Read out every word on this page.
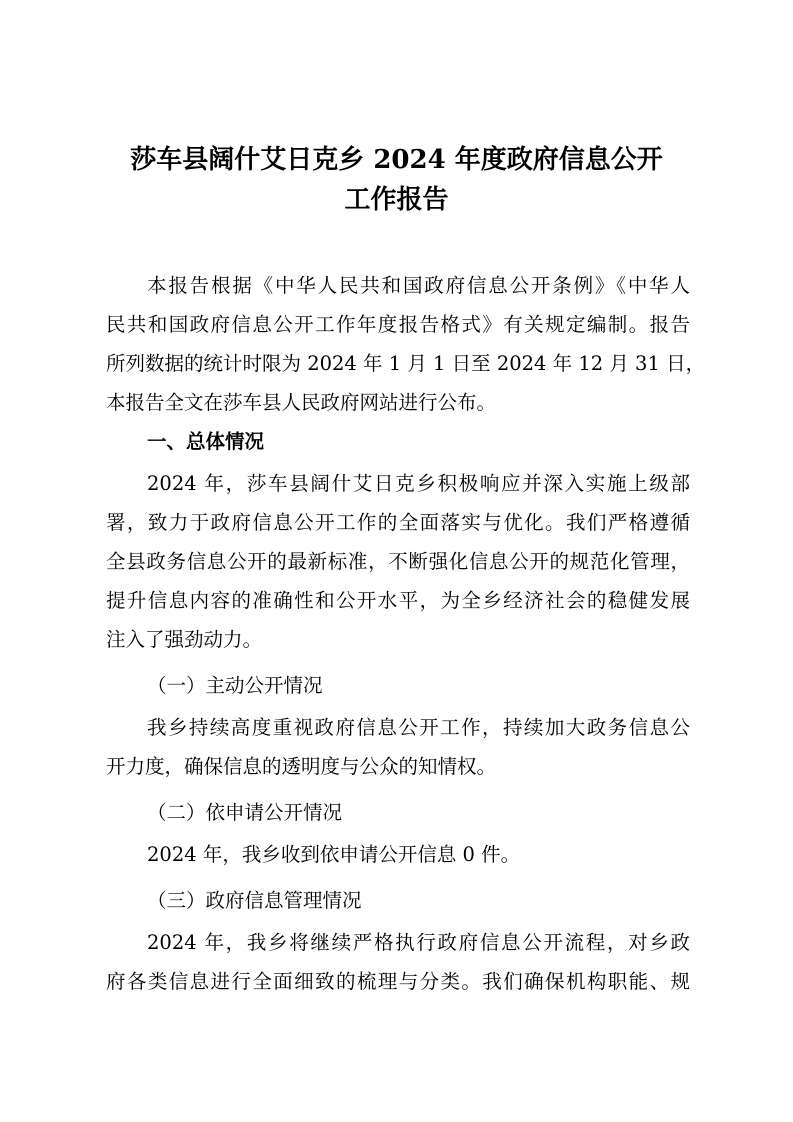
莎车县阔什艾日克乡 2024 年度政府信息公开
工作报告

本报告根据《中华人民共和国政府信息公开条例》《中华人

民共和国政府信息公开工作年度报告格式》有关规定编制。报告

所列数据的统计时限为 2024 年 1 月 1 日至 2024 年 12 月 31 日，

本报告全文在莎车县人民政府网站进行公布。

一、总体情况

2024 年，莎车县阔什艾日克乡积极响应并深入实施上级部

署，致力于政府信息公开工作的全面落实与优化。我们严格遵循

全县政务信息公开的最新标准，不断强化信息公开的规范化管理，

提升信息内容的准确性和公开水平，为全乡经济社会的稳健发展

注入了强劲动力。

（一）主动公开情况

我乡持续高度重视政府信息公开工作，持续加大政务信息公

开力度，确保信息的透明度与公众的知情权。

（二）依申请公开情况

2024 年，我乡收到依申请公开信息 0 件。

（三）政府信息管理情况

2024 年，我乡将继续严格执行政府信息公开流程，对乡政

府各类信息进行全面细致的梳理与分类。我们确保机构职能、规
